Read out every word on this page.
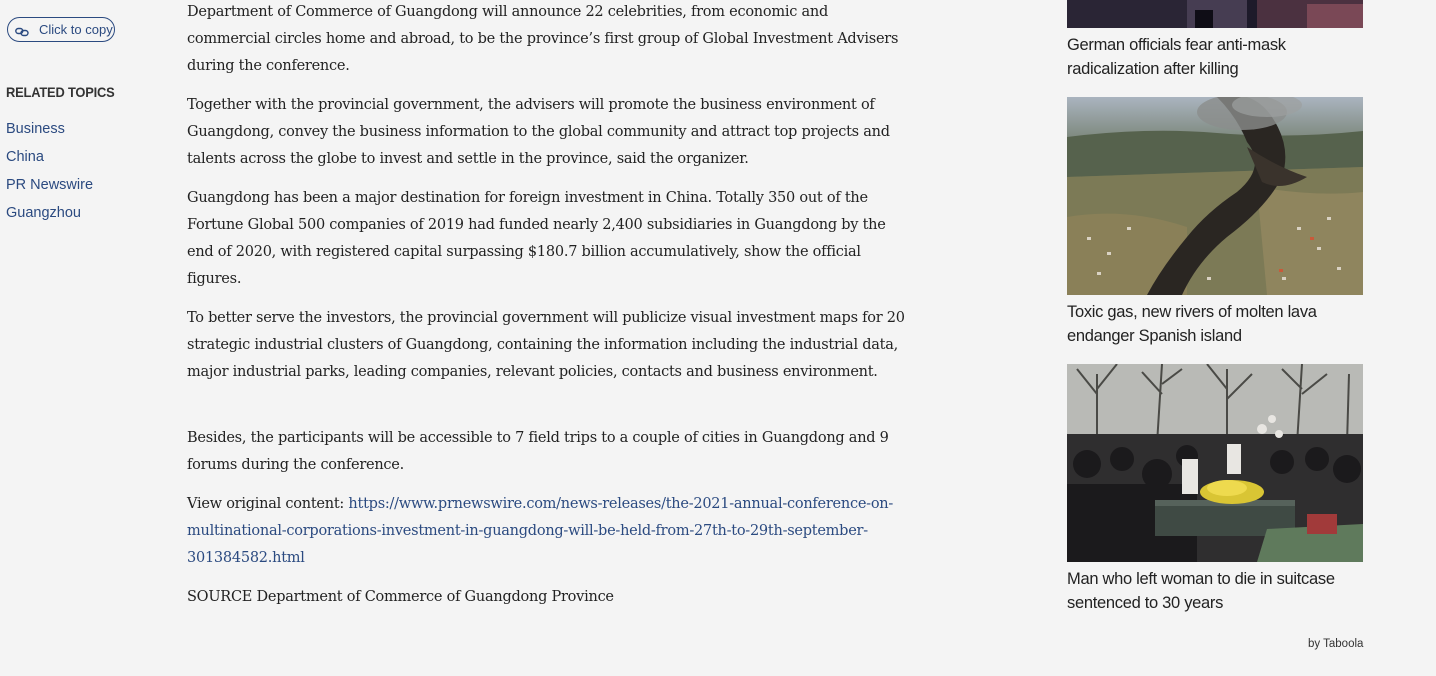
Click to copy
RELATED TOPICS
Business
China
PR Newswire
Guangzhou

Department of Commerce of Guangdong will announce 22 celebrities, from economic and commercial circles home and abroad, to be the province’s first group of Global Investment Advisers during the conference.

Together with the provincial government, the advisers will promote the business environment of Guangdong, convey the business information to the global community and attract top projects and talents across the globe to invest and settle in the province, said the organizer.

Guangdong has been a major destination for foreign investment in China. Totally 350 out of the Fortune Global 500 companies of 2019 had funded nearly 2,400 subsidiaries in Guangdong by the end of 2020, with registered capital surpassing $180.7 billion accumulatively, show the official figures.

To better serve the investors, the provincial government will publicize visual investment maps for 20 strategic industrial clusters of Guangdong, containing the information including the industrial data, major industrial parks, leading companies, relevant policies, contacts and business environment.

Besides, the participants will be accessible to 7 field trips to a couple of cities in Guangdong and 9 forums during the conference.

View original content: https://www.prnewswire.com/news-releases/the-2021-annual-conference-on-multinational-corporations-investment-in-guangdong-will-be-held-from-27th-to-29th-september-301384582.html

SOURCE Department of Commerce of Guangdong Province

German officials fear anti-mask radicalization after killing
Toxic gas, new rivers of molten lava endanger Spanish island
Man who left woman to die in suitcase sentenced to 30 years
by Taboola
